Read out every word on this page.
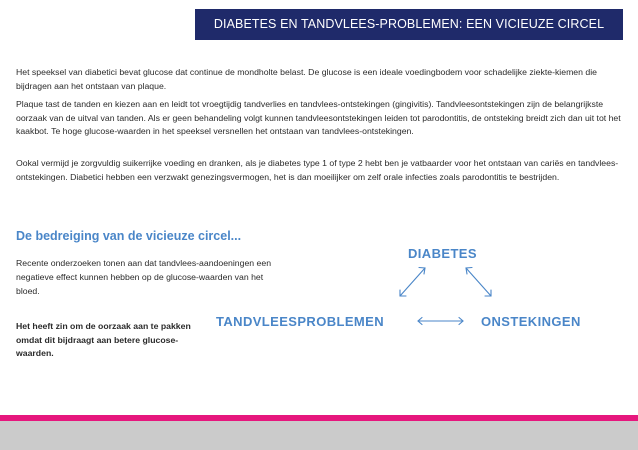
DIABETES EN TANDVLEES-PROBLEMEN: EEN VICIEUZE CIRCEL

Het speeksel van diabetici bevat glucose dat continue de mondholte belast. De glucose is een ideale voedingbodem voor schadelijke ziekte-kiemen die bijdragen aan het ontstaan van plaque.

Plaque tast de tanden en kiezen aan en leidt tot vroegtijdig tandverlies en tandvlees-ontstekingen (gingivitis). Tandvleesontstekingen zijn de belangrijkste oorzaak van de uitval van tanden. Als er geen behandeling volgt kunnen tandvleesontstekingen leiden tot parodontitis, de ontsteking breidt zich dan uit tot het kaakbot. Te hoge glucose-waarden in het speeksel versnellen het ontstaan van tandvlees-ontstekingen.

Ookal vermijd je zorgvuldig suikerrijke voeding en dranken, als je diabetes type 1 of type 2 hebt ben je vatbaarder voor het ontstaan van cariës en tandvlees-ontstekingen. Diabetici hebben een verzwakt genezingsvermogen, het is dan moeilijker om zelf orale infecties zoals parodontitis te bestrijden.

De bedreiging van de vicieuze circel...

Recente onderzoeken tonen aan dat tandvlees-aandoeningen een negatieve effect kunnen hebben op de glucose-waarden van het bloed.

Het heeft zin om de oorzaak aan te pakken omdat dit bijdraagt aan betere glucose-waarden.

DIABETES
TANDVLEESPROBLEMEN	ONSTEKINGEN
